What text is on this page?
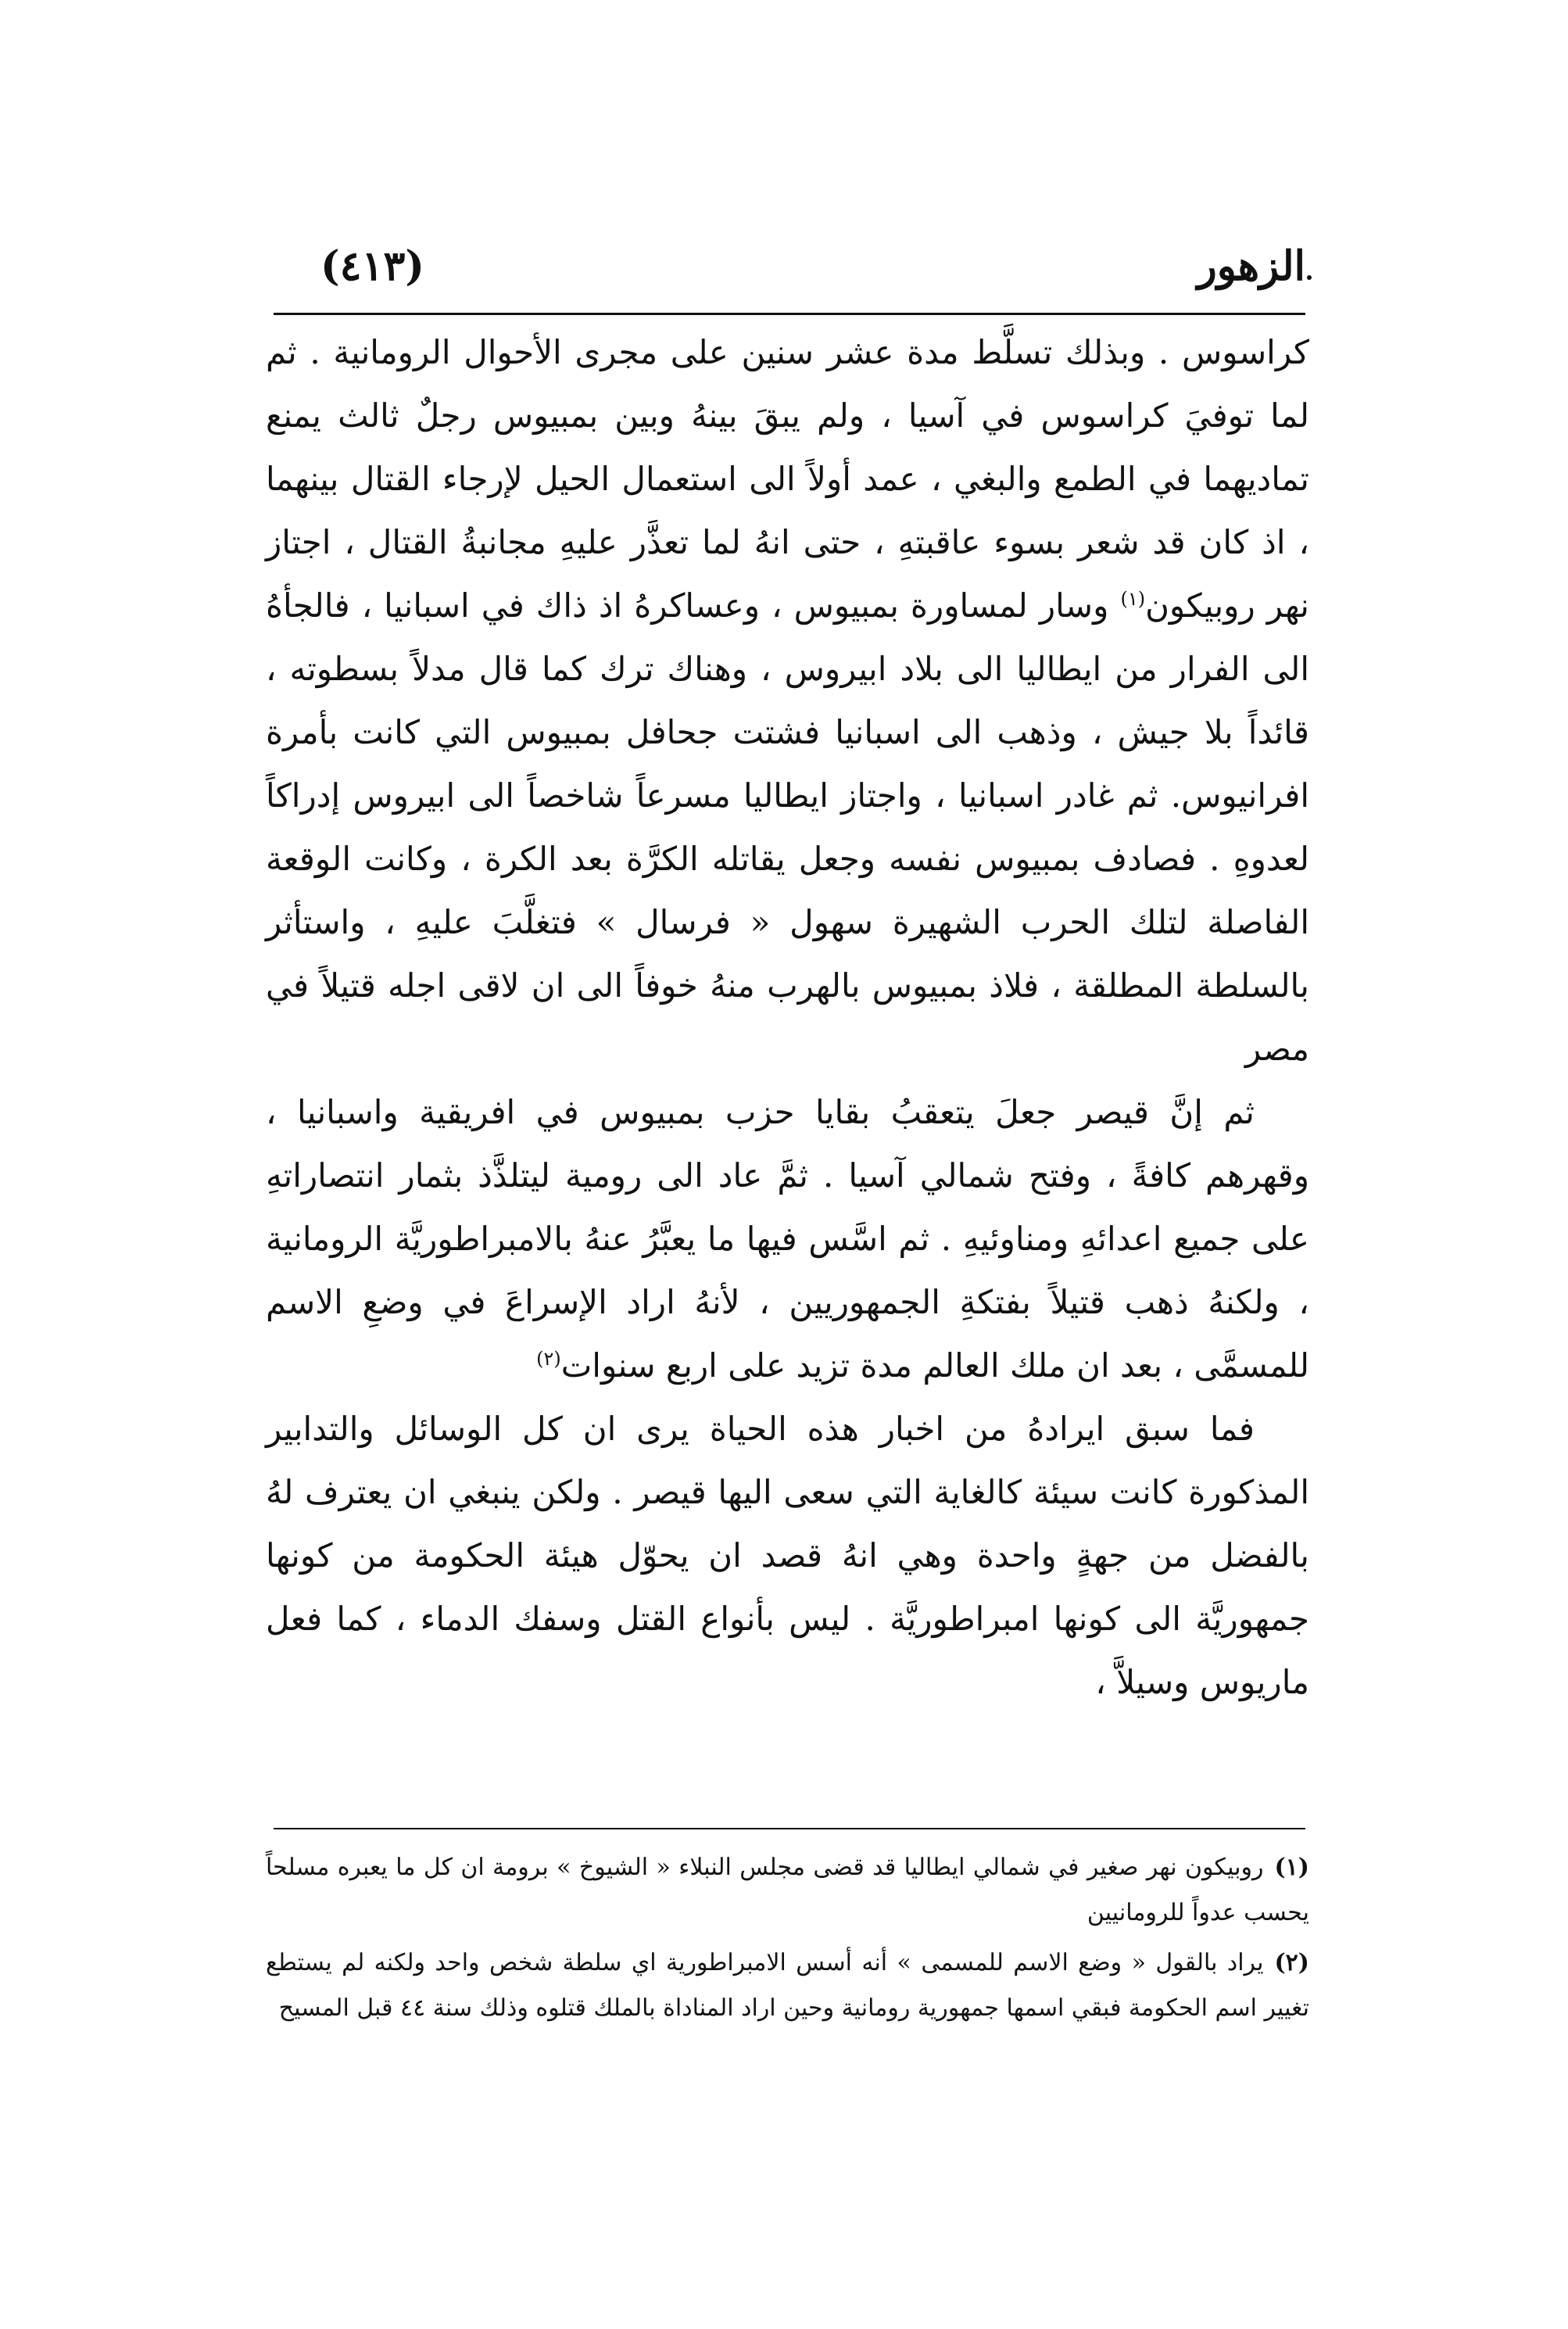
الزهور
(٤١٣)

كراسوس . وبذلك تسلَّط مدة عشر سنين على مجرى الأحوال الرومانية . ثم لما توفيَ كراسوس في آسيا ، ولم يبقَ بينهُ وبين بمبيوس رجلٌ ثالث يمنع تماديهما في الطمع والبغي ، عمد أولاً الى استعمال الحيل لإرجاء القتال بينهما ، اذ كان قد شعر بسوء عاقبتهِ ، حتى انهُ لما تعذَّر عليهِ مجانبةُ القتال ، اجتاز نهر روبيكون$^{(١)}$ وسار لمساورة بمبيوس ، وعساكرهُ اذ ذاك في اسبانيا ، فالجأهُ الى الفرار من ايطاليا الى بلاد ابيروس ، وهناك ترك كما قال مدلاً بسطوته ، قائداً بلا جيش ، وذهب الى اسبانيا فشتت جحافل بمبيوس التي كانت بأمرة افرانيوس. ثم غادر اسبانيا ، واجتاز ايطاليا مسرعاً شاخصاً الى ابيروس إدراكاً لعدوهِ . فصادف بمبيوس نفسه وجعل يقاتله الكرَّة بعد الكرة ، وكانت الوقعة الفاصلة لتلك الحرب الشهيرة سهول « فرسال » فتغلَّبَ عليهِ ، واستأثر بالسلطة المطلقة ، فلاذ بمبيوس بالهرب منهُ خوفاً الى ان لاقى اجله قتيلاً في مصر

ثم إنَّ قيصر جعلَ يتعقبُ بقايا حزب بمبيوس في افريقية واسبانيا ، وقهرهم كافةً ، وفتح شمالي آسيا . ثمَّ عاد الى رومية ليتلذَّذ بثمار انتصاراتهِ على جميع اعدائهِ ومناوئيهِ . ثم اسَّس فيها ما يعبَّرُ عنهُ بالامبراطوريَّة الرومانية ، ولكنهُ ذهب قتيلاً بفتكةِ الجمهوريين ، لأنهُ اراد الإسراعَ في وضعِ الاسم للمسمَّى ، بعد ان ملك العالم مدة تزيد على اربع سنوات$^{(٢)}$

فما سبق ايرادهُ من اخبار هذه الحياة يرى ان كل الوسائل والتدابير المذكورة كانت سيئة كالغاية التي سعى اليها قيصر . ولكن ينبغي ان يعترف لهُ بالفضل من جهةٍ واحدة وهي انهُ قصد ان يحوّل هيئة الحكومة من كونها جمهوريَّة الى كونها امبراطوريَّة . ليس بأنواع القتل وسفك الدماء ، كما فعل ماريوس وسيلاَّ ،

(١)روبيكون نهر صغير في شمالي ايطاليا قد قضى مجلس النبلاء « الشيوخ » برومة ان كل ما يعبره مسلحاً يحسب عدواً للرومانيين

(٢)يراد بالقول « وضع الاسم للمسمى » أنه أسس الامبراطورية اي سلطة شخص واحد ولكنه لم يستطع تغيير اسم الحكومة فبقي اسمها جمهورية رومانية وحين اراد المناداة بالملك قتلوه وذلك سنة ٤٤ قبل المسيح
